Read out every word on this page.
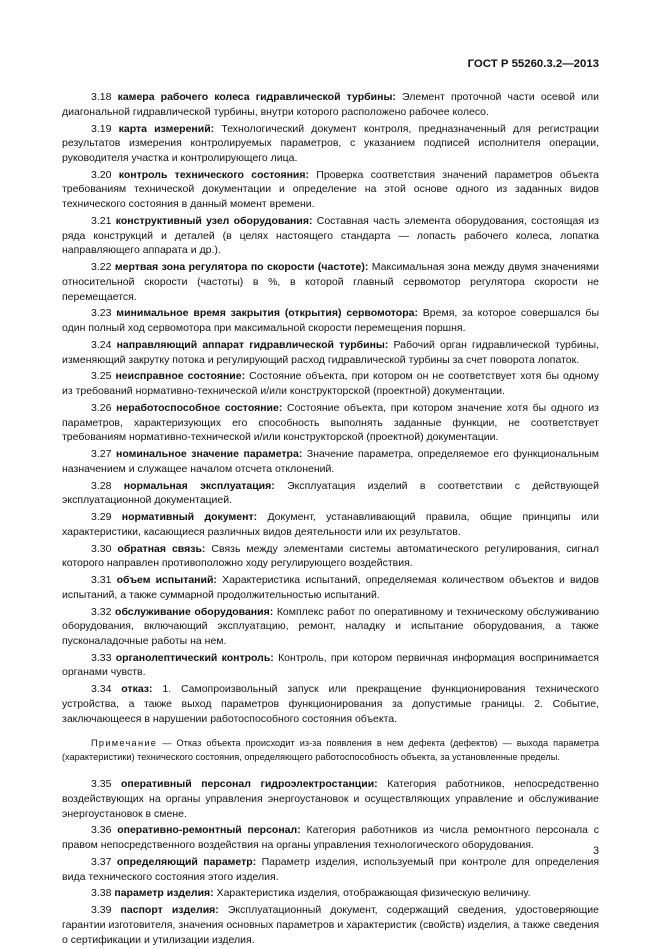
ГОСТ Р 55260.3.2—2013

3.18 камера рабочего колеса гидравлической турбины: Элемент проточной части осевой или диагональной гидравлической турбины, внутри которого расположено рабочее колесо.

3.19 карта измерений: Технологический документ контроля, предназначенный для регистрации результатов измерения контролируемых параметров, с указанием подписей исполнителя операции, руководителя участка и контролирующего лица.

3.20 контроль технического состояния: Проверка соответствия значений параметров объекта требованиям технической документации и определение на этой основе одного из заданных видов технического состояния в данный момент времени.

3.21 конструктивный узел оборудования: Составная часть элемента оборудования, состоящая из ряда конструкций и деталей (в целях настоящего стандарта — лопасть рабочего колеса, лопатка направляющего аппарата и др.).

3.22 мертвая зона регулятора по скорости (частоте): Максимальная зона между двумя значениями относительной скорости (частоты) в %, в которой главный сервомотор регулятора скорости не перемещается.

3.23 минимальное время закрытия (открытия) сервомотора: Время, за которое совершался бы один полный ход сервомотора при максимальной скорости перемещения поршня.

3.24 направляющий аппарат гидравлической турбины: Рабочий орган гидравлической турбины, изменяющий закрутку потока и регулирующий расход гидравлической турбины за счет поворота лопаток.

3.25 неисправное состояние: Состояние объекта, при котором он не соответствует хотя бы одному из требований нормативно-технической и/или конструкторской (проектной) документации.

3.26 неработоспособное состояние: Состояние объекта, при котором значение хотя бы одного из параметров, характеризующих его способность выполнять заданные функции, не соответствует требованиям нормативно-технической и/или конструкторской (проектной) документации.

3.27 номинальное значение параметра: Значение параметра, определяемое его функциональным назначением и служащее началом отсчета отклонений.

3.28 нормальная эксплуатация: Эксплуатация изделий в соответствии с действующей эксплуатационной документацией.

3.29 нормативный документ: Документ, устанавливающий правила, общие принципы или характеристики, касающиеся различных видов деятельности или их результатов.

3.30 обратная связь: Связь между элементами системы автоматического регулирования, сигнал которого направлен противоположно ходу регулирующего воздействия.

3.31 объем испытаний: Характеристика испытаний, определяемая количеством объектов и видов испытаний, а также суммарной продолжительностью испытаний.

3.32 обслуживание оборудования: Комплекс работ по оперативному и техническому обслуживанию оборудования, включающий эксплуатацию, ремонт, наладку и испытание оборудования, а также пусконаладочные работы на нем.

3.33 органолептический контроль: Контроль, при котором первичная информация воспринимается органами чувств.

3.34 отказ: 1. Самопроизвольный запуск или прекращение функционирования технического устройства, а также выход параметров функционирования за допустимые границы. 2. Событие, заключающееся в нарушении работоспособного состояния объекта.

Примечание — Отказ объекта происходит из-за появления в нем дефекта (дефектов) — выхода параметра (характеристики) технического состояния, определяющего работоспособность объекта, за установленные пределы.

3.35 оперативный персонал гидроэлектростанции: Категория работников, непосредственно воздействующих на органы управления энергоустановок и осуществляющих управление и обслуживание энергоустановок в смене.

3.36 оперативно-ремонтный персонал: Категория работников из числа ремонтного персонала с правом непосредственного воздействия на органы управления технологического оборудования.

3.37 определяющий параметр: Параметр изделия, используемый при контроле для определения вида технического состояния этого изделия.

3.38 параметр изделия: Характеристика изделия, отображающая физическую величину.

3.39 паспорт изделия: Эксплуатационный документ, содержащий сведения, удостоверяющие гарантии изготовителя, значения основных параметров и характеристик (свойств) изделия, а также сведения о сертификации и утилизации изделия.

3
